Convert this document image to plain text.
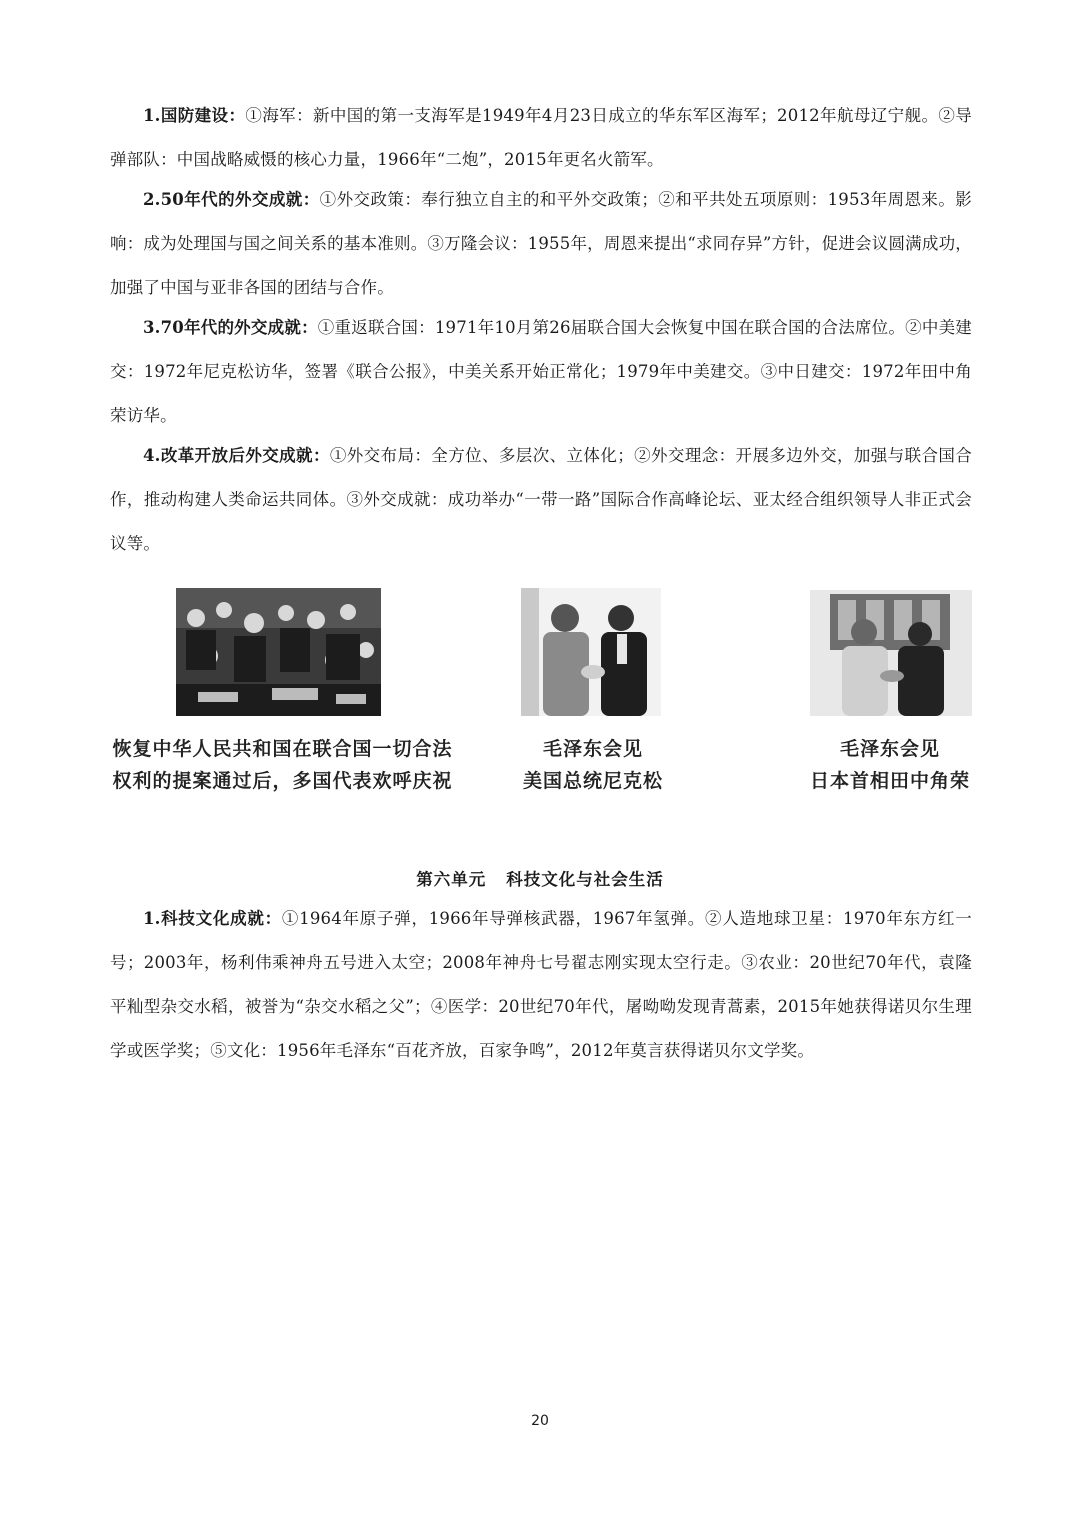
1.国防建设：①海军：新中国的第一支海军是1949年4月23日成立的华东军区海军；2012年航母辽宁舰。②导弹部队：中国战略威慑的核心力量，1966年“二炮”，2015年更名火箭军。

2.50年代的外交成就：①外交政策：奉行独立自主的和平外交政策；②和平共处五项原则：1953年周恩来。影响：成为处理国与国之间关系的基本准则。③万隆会议：1955年，周恩来提出“求同存异”方针，促进会议圆满成功，加强了中国与亚非各国的团结与合作。

3.70年代的外交成就：①重返联合国：1971年10月第26届联合国大会恢复中国在联合国的合法席位。②中美建交：1972年尼克松访华，签署《联合公报》，中美关系开始正常化；1979年中美建交。③中日建交：1972年田中角荣访华。

4.改革开放后外交成就：①外交布局：全方位、多层次、立体化；②外交理念：开展多边外交，加强与联合国合作，推动构建人类命运共同体。③外交成就：成功举办“一带一路”国际合作高峰论坛、亚太经合组织领导人非正式会议等。

恢复中华人民共和国在联合国一切合法
权利的提案通过后，多国代表欢呼庆祝
毛泽东会见
美国总统尼克松
毛泽东会见
日本首相田中角荣
第六单元 科技文化与社会生活

1.科技文化成就：①1964年原子弹，1966年导弹核武器，1967年氢弹。②人造地球卫星：1970年东方红一号；2003年，杨利伟乘神舟五号进入太空；2008年神舟七号翟志刚实现太空行走。③农业：20世纪70年代，袁隆平籼型杂交水稻，被誉为“杂交水稻之父”；④医学：20世纪70年代，屠呦呦发现青蒿素，2015年她获得诺贝尔生理学或医学奖；⑤文化：1956年毛泽东“百花齐放，百家争鸣”，2012年莫言获得诺贝尔文学奖。

20
